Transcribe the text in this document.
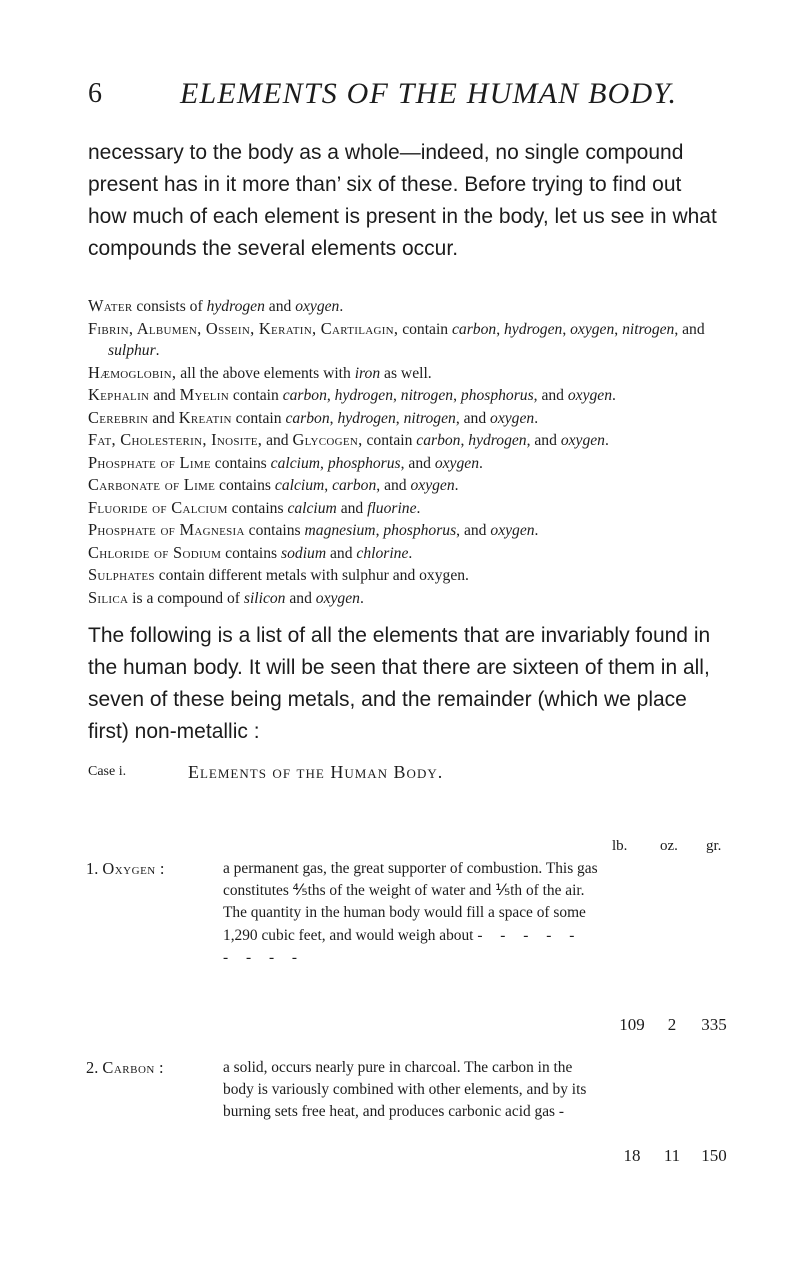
6	ELEMENTS OF THE HUMAN BODY.

necessary to the body as a whole—indeed, no single compound present has in it more than’ six of these. Before trying to find out how much of each element is present in the body, let us see in what compounds the several elements occur.

Water consists of hydrogen and oxygen.

Fibrin, Albumen, Ossein, Keratin, Cartilagin, contain carbon, hydrogen, oxygen, nitrogen, and sulphur.

Hæmoglobin, all the above elements with iron as well.

Kephalin and Myelin contain carbon, hydrogen, nitrogen, phosphorus, and oxygen.

Cerebrin and Kreatin contain carbon, hydrogen, nitrogen, and oxygen.

Fat, Cholesterin, Inosite, and Glycogen, contain carbon, hydrogen, and oxygen.

Phosphate of Lime contains calcium, phosphorus, and oxygen.

Carbonate of Lime contains calcium, carbon, and oxygen.

Fluoride of Calcium contains calcium and fluorine.

Phosphate of Magnesia contains magnesium, phosphorus, and oxygen.

Chloride of Sodium contains sodium and chlorine.

Sulphates contain different metals with sulphur and oxygen.

Silica is a compound of silicon and oxygen.

The following is a list of all the elements that are invariably found in the human body. It will be seen that there are sixteen of them in all, seven of these being metals, and the remainder (which we place first) non-metallic :

Case i.	Elements of the Human Body.
lb. oz. gr.
1. Oxygen :	a permanent gas, the great supporter of combustion. This gas constitutes ⅘ths of the weight of water and ⅕th of the air. The quantity in the human body would fill a space of some 1,290 cubic feet, and would weigh about - - - - - - - - -

109	2	335
2. Carbon :	a solid, occurs nearly pure in charcoal. The carbon in the body is variously combined with other elements, and by its burning sets free heat, and produces carbonic acid gas -

18	11	150
